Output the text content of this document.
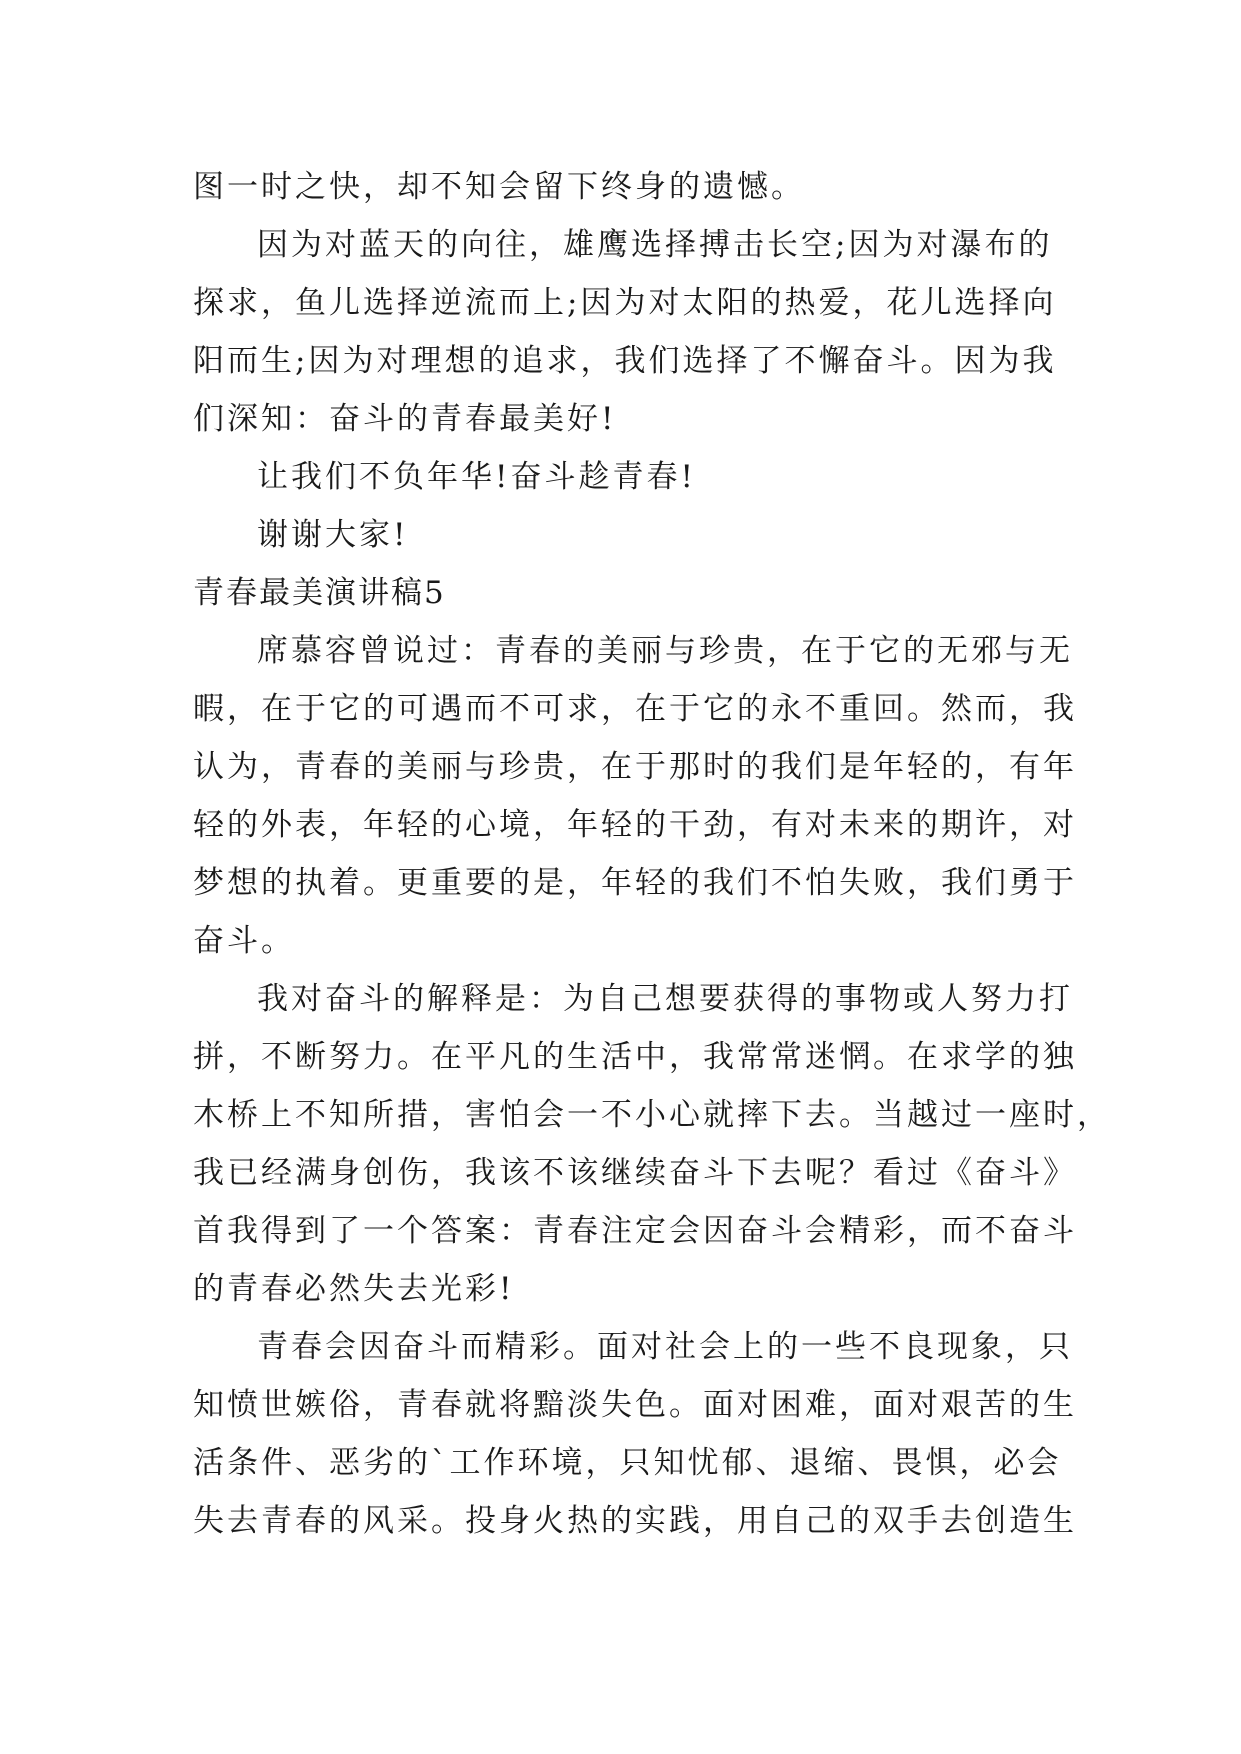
图一时之快，却不知会留下终身的遗憾。
因为对蓝天的向往，雄鹰选择搏击长空;因为对瀑布的
探求，鱼儿选择逆流而上;因为对太阳的热爱，花儿选择向
阳而生;因为对理想的追求，我们选择了不懈奋斗。因为我
们深知：奋斗的青春最美好!
让我们不负年华!奋斗趁青春!
谢谢大家!
青春最美演讲稿5
席慕容曾说过：青春的美丽与珍贵，在于它的无邪与无
暇，在于它的可遇而不可求，在于它的永不重回。然而，我
认为，青春的美丽与珍贵，在于那时的我们是年轻的，有年
轻的外表，年轻的心境，年轻的干劲，有对未来的期许，对
梦想的执着。更重要的是，年轻的我们不怕失败，我们勇于
奋斗。
我对奋斗的解释是：为自己想要获得的事物或人努力打
拼，不断努力。在平凡的生活中，我常常迷惘。在求学的独
木桥上不知所措，害怕会一不小心就摔下去。当越过一座时，
我已经满身创伤，我该不该继续奋斗下去呢？看过《奋斗》
首我得到了一个答案：青春注定会因奋斗会精彩，而不奋斗
的青春必然失去光彩!
青春会因奋斗而精彩。面对社会上的一些不良现象，只
知愤世嫉俗，青春就将黯淡失色。面对困难，面对艰苦的生
活条件、恶劣的`工作环境，只知忧郁、退缩、畏惧，必会
失去青春的风采。投身火热的实践，用自己的双手去创造生
